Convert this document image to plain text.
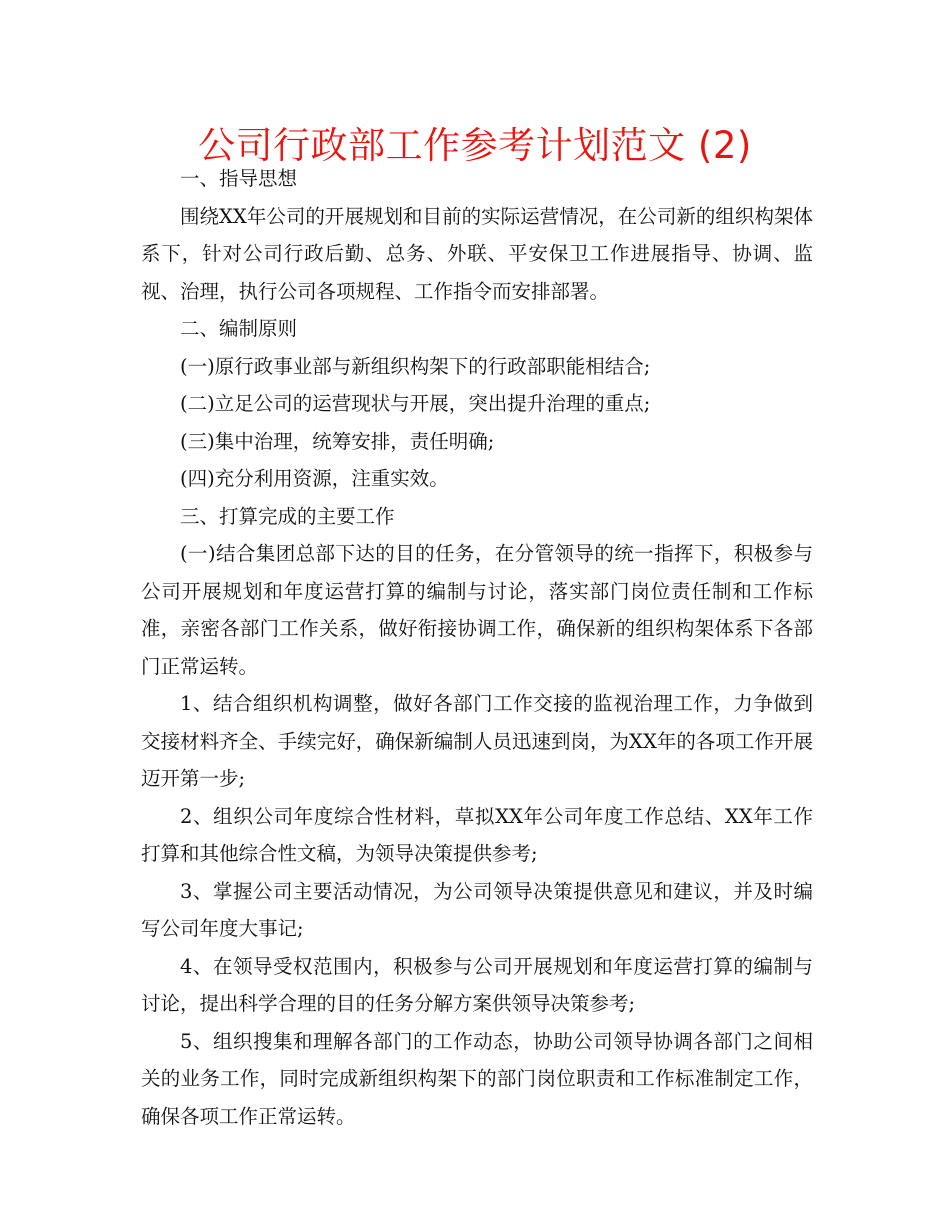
公司行政部工作参考计划范文 (2)

一、指导思想

围绕XX年公司的开展规划和目前的实际运营情况，在公司新的组织构架体系下，针对公司行政后勤、总务、外联、平安保卫工作进展指导、协调、监视、治理，执行公司各项规程、工作指令而安排部署。

二、编制原则

(一)原行政事业部与新组织构架下的行政部职能相结合;

(二)立足公司的运营现状与开展，突出提升治理的重点;

(三)集中治理，统筹安排，责任明确;

(四)充分利用资源，注重实效。

三、打算完成的主要工作

(一)结合集团总部下达的目的任务，在分管领导的统一指挥下，积极参与公司开展规划和年度运营打算的编制与讨论，落实部门岗位责任制和工作标准，亲密各部门工作关系，做好衔接协调工作，确保新的组织构架体系下各部门正常运转。

1、结合组织机构调整，做好各部门工作交接的监视治理工作，力争做到交接材料齐全、手续完好，确保新编制人员迅速到岗，为XX年的各项工作开展迈开第一步;

2、组织公司年度综合性材料，草拟XX年公司年度工作总结、XX年工作打算和其他综合性文稿，为领导决策提供参考;

3、掌握公司主要活动情况，为公司领导决策提供意见和建议，并及时编写公司年度大事记;

4、在领导受权范围内，积极参与公司开展规划和年度运营打算的编制与讨论，提出科学合理的目的任务分解方案供领导决策参考;

5、组织搜集和理解各部门的工作动态，协助公司领导协调各部门之间相关的业务工作，同时完成新组织构架下的部门岗位职责和工作标准制定工作，确保各项工作正常运转。
